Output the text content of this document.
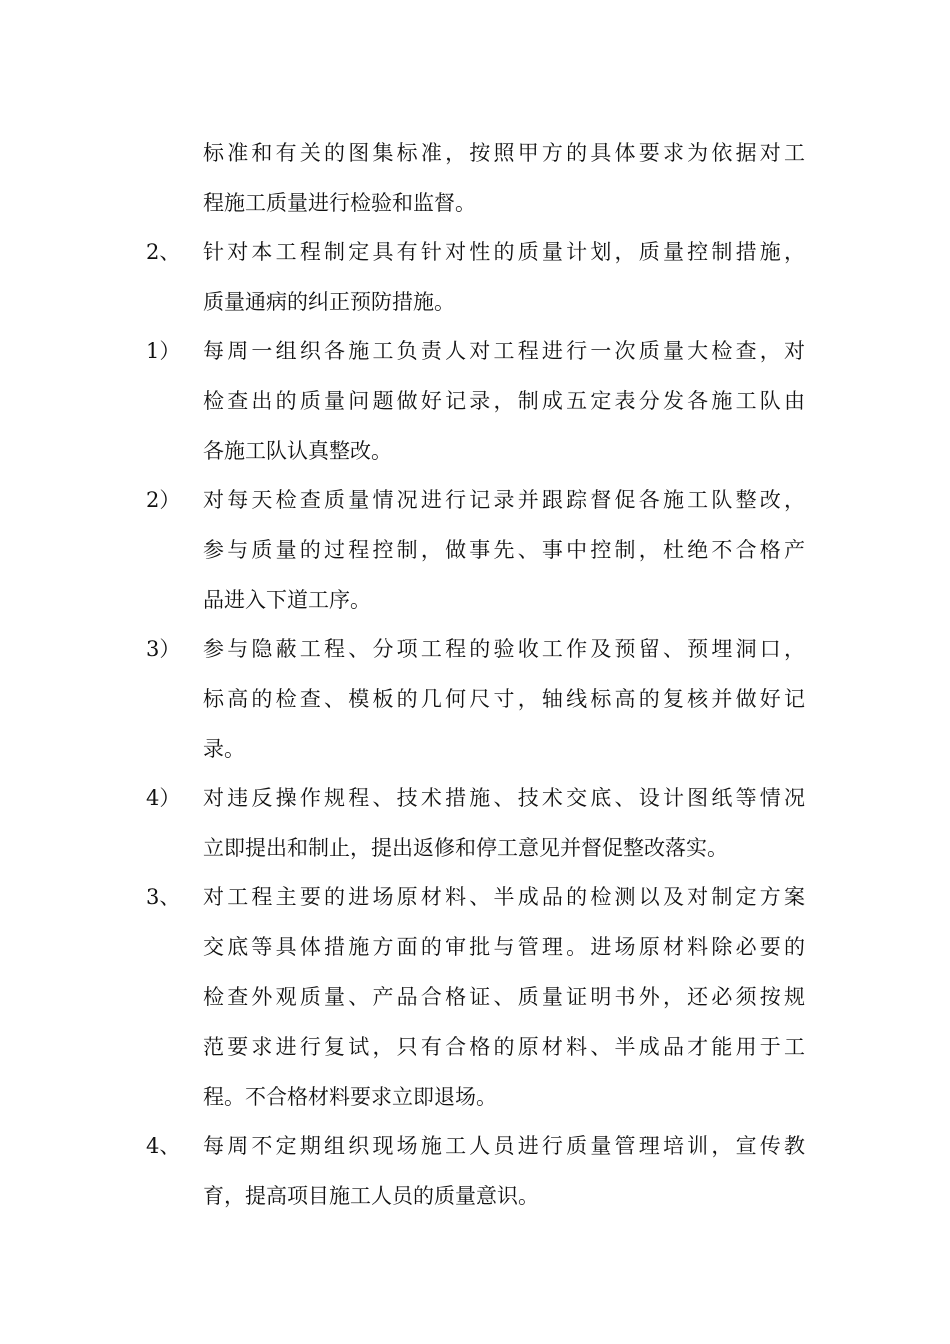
标准和有关的图集标准，按照甲方的具体要求为依据对工
程施工质量进行检验和监督。
2、 针对本工程制定具有针对性的质量计划，质量控制措施，
质量通病的纠正预防措施。
1） 每周一组织各施工负责人对工程进行一次质量大检查，对
检查出的质量问题做好记录，制成五定表分发各施工队由
各施工队认真整改。
2） 对每天检查质量情况进行记录并跟踪督促各施工队整改，
参与质量的过程控制，做事先、事中控制，杜绝不合格产
品进入下道工序。
3） 参与隐蔽工程、分项工程的验收工作及预留、预埋洞口，
标高的检查、模板的几何尺寸，轴线标高的复核并做好记
录。
4） 对违反操作规程、技术措施、技术交底、设计图纸等情况
立即提出和制止，提出返修和停工意见并督促整改落实。
3、 对工程主要的进场原材料、半成品的检测以及对制定方案
交底等具体措施方面的审批与管理。进场原材料除必要的
检查外观质量、产品合格证、质量证明书外，还必须按规
范要求进行复试，只有合格的原材料、半成品才能用于工
程。不合格材料要求立即退场。
4、 每周不定期组织现场施工人员进行质量管理培训，宣传教
育，提高项目施工人员的质量意识。
